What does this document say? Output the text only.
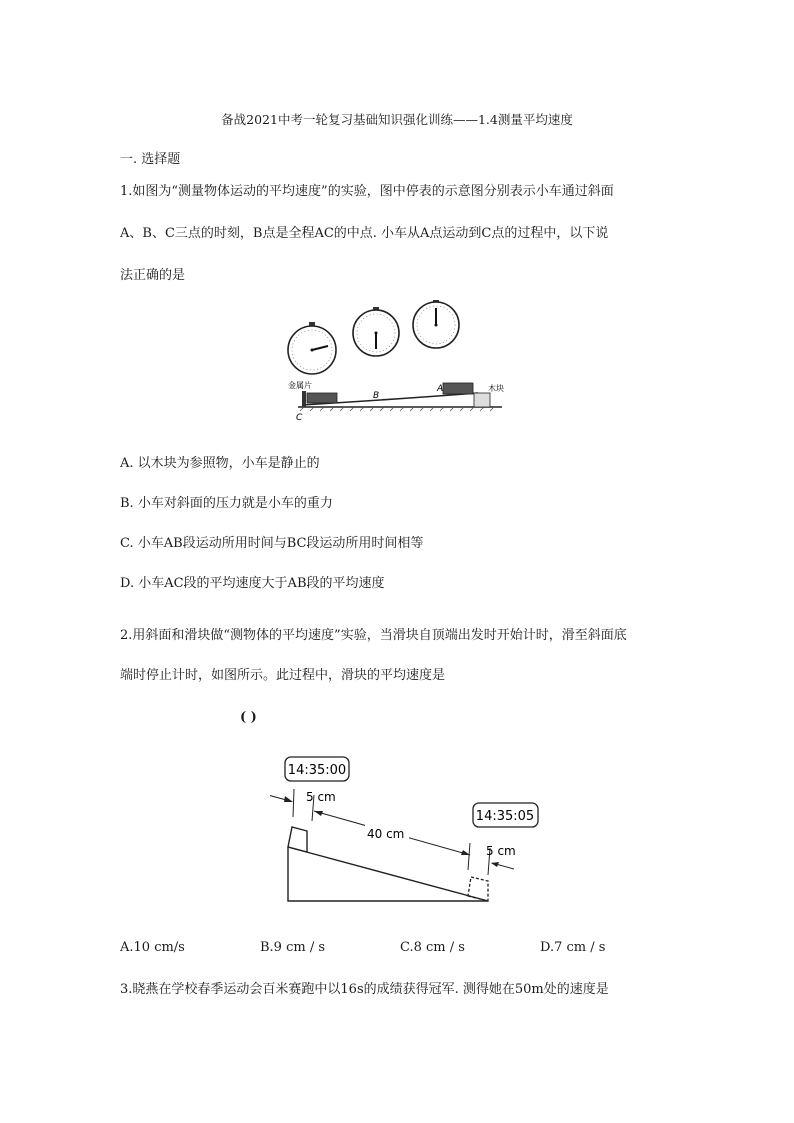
备战2021中考一轮复习基础知识强化训练——1.4测量平均速度
一. 选择题
1.如图为“测量物体运动的平均速度”的实验，图中停表的示意图分别表示小车通过斜面
A、B、C三点的时刻，B点是全程AC的中点. 小车从A点运动到C点的过程中，以下说
法正确的是
金属片
C
B
A	木块
A. 以木块为参照物，小车是静止的
B. 小车对斜面的压力就是小车的重力
C. 小车AB段运动所用时间与BC段运动所用时间相等
D. 小车AC段的平均速度大于AB段的平均速度
2.用斜面和滑块做“测物体的平均速度”实验，当滑块自顶端出发时开始计时，滑至斜面底
端时停止计时，如图所示。此过程中，滑块的平均速度是
( )
14:35:00
14:35:05
5 cm
40 cm
5 cm
A.10 cm/s	B.9 cm / s	C.8 cm / s	D.7 cm / s
3.晓燕在学校春季运动会百米赛跑中以16s的成绩获得冠军. 测得她在50m处的速度是
